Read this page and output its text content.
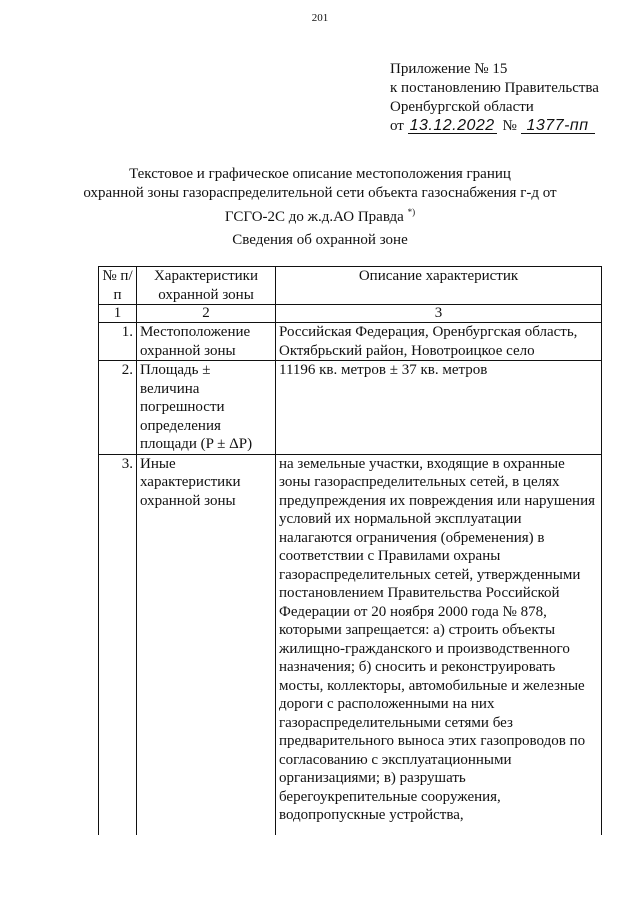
201
Приложение № 15
к постановлению Правительства
Оренбургской области
от 13.12.2022 № 1377-пп
Текстовое и графическое описание местоположения границ
охранной зоны газораспределительной сети объекта газоснабжения г-д от
ГСГО-2С до ж.д.АО Правда *)
Сведения об охранной зоне
№ п/п	Характеристики охранной зоны	Описание характеристик
1	2	3
1.	Местоположение охранной зоны	Российская Федерация, Оренбургская область, Октябрьский район, Новотроицкое село
2.	Площадь ± величина погрешности определения площади (P ± ΔP)	11196 кв. метров ± 37 кв. метров
3.	Иные характеристики охранной зоны	на земельные участки, входящие в охранные зоны газораспределительных сетей, в целях предупреждения их повреждения или нарушения условий их нормальной эксплуатации налагаются ограничения (обременения) в соответствии с Правилами охраны газораспределительных сетей, утвержденными постановлением Правительства Российской Федерации от 20 ноября 2000 года № 878, которыми запрещается: а) строить объекты жилищно-гражданского и производственного назначения; б) сносить и реконструировать мосты, коллекторы, автомобильные и железные дороги с расположенными на них газораспределительными сетями без предварительного выноса этих газопроводов по согласованию с эксплуатационными организациями; в) разрушать берегоукрепительные сооружения, водопропускные устройства,
